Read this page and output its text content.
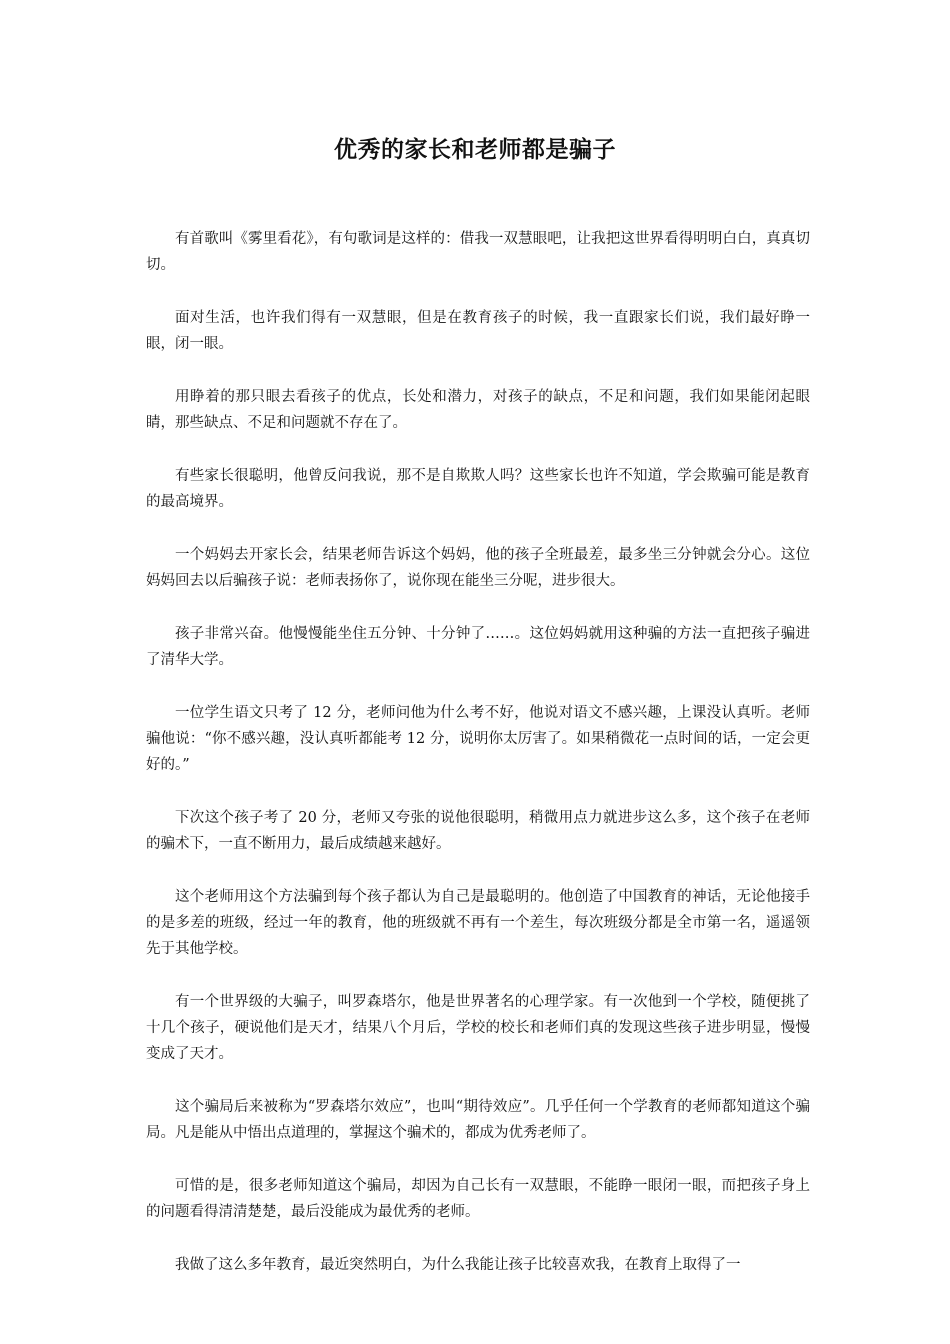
优秀的家长和老师都是骗子

有首歌叫《雾里看花》，有句歌词是这样的：借我一双慧眼吧，让我把这世界看得明明白白，真真切切。

面对生活，也许我们得有一双慧眼，但是在教育孩子的时候，我一直跟家长们说，我们最好睁一眼，闭一眼。

用睁着的那只眼去看孩子的优点，长处和潜力，对孩子的缺点，不足和问题，我们如果能闭起眼睛，那些缺点、不足和问题就不存在了。

有些家长很聪明，他曾反问我说，那不是自欺欺人吗？这些家长也许不知道，学会欺骗可能是教育的最高境界。

一个妈妈去开家长会，结果老师告诉这个妈妈，他的孩子全班最差，最多坐三分钟就会分心。这位妈妈回去以后骗孩子说：老师表扬你了，说你现在能坐三分呢，进步很大。

孩子非常兴奋。他慢慢能坐住五分钟、十分钟了……。这位妈妈就用这种骗的方法一直把孩子骗进了清华大学。

一位学生语文只考了 12 分，老师问他为什么考不好，他说对语文不感兴趣，上课没认真听。老师骗他说：“你不感兴趣，没认真听都能考 12 分，说明你太厉害了。如果稍微花一点时间的话，一定会更好的。”

下次这个孩子考了 20 分，老师又夸张的说他很聪明，稍微用点力就进步这么多，这个孩子在老师的骗术下，一直不断用力，最后成绩越来越好。

这个老师用这个方法骗到每个孩子都认为自己是最聪明的。他创造了中国教育的神话，无论他接手的是多差的班级，经过一年的教育，他的班级就不再有一个差生，每次班级分都是全市第一名，遥遥领先于其他学校。

有一个世界级的大骗子，叫罗森塔尔，他是世界著名的心理学家。有一次他到一个学校，随便挑了十几个孩子，硬说他们是天才，结果八个月后，学校的校长和老师们真的发现这些孩子进步明显，慢慢变成了天才。

这个骗局后来被称为“罗森塔尔效应”，也叫“期待效应”。几乎任何一个学教育的老师都知道这个骗局。凡是能从中悟出点道理的，掌握这个骗术的，都成为优秀老师了。

可惜的是，很多老师知道这个骗局，却因为自己长有一双慧眼，不能睁一眼闭一眼，而把孩子身上的问题看得清清楚楚，最后没能成为最优秀的老师。

我做了这么多年教育，最近突然明白，为什么我能让孩子比较喜欢我，在教育上取得了一
